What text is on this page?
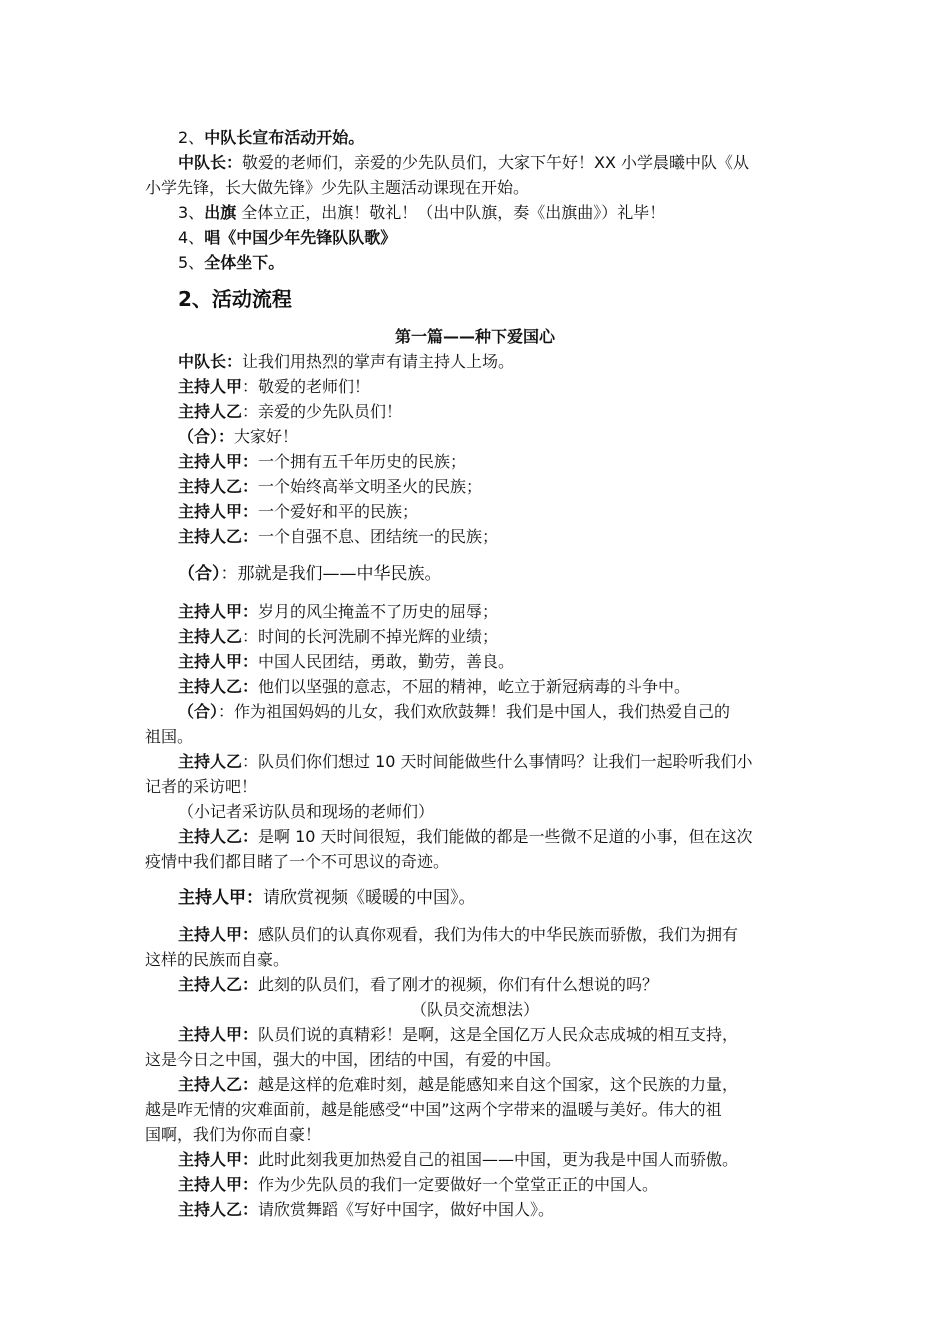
2、中队长宣布活动开始。
中队长：敬爱的老师们，亲爱的少先队员们，大家下午好！XX 小学晨曦中队《从
小学先锋，长大做先锋》少先队主题活动课现在开始。
3、出旗 全体立正，出旗！敬礼！（出中队旗，奏《出旗曲》）礼毕！
4、唱《中国少年先锋队队歌》
5、全体坐下。
2、活动流程
第一篇——种下爱国心
中队长：让我们用热烈的掌声有请主持人上场。
主持人甲：敬爱的老师们！
主持人乙：亲爱的少先队员们！
（合）：大家好！
主持人甲：一个拥有五千年历史的民族；
主持人乙：一个始终高举文明圣火的民族；
主持人甲：一个爱好和平的民族；
主持人乙：一个自强不息、团结统一的民族；
（合）：那就是我们——中华民族。
主持人甲：岁月的风尘掩盖不了历史的屈辱；
主持人乙：时间的长河洗刷不掉光辉的业绩；
主持人甲：中国人民团结，勇敢，勤劳，善良。
主持人乙：他们以坚强的意志，不屈的精神，屹立于新冠病毒的斗争中。
（合）：作为祖国妈妈的儿女，我们欢欣鼓舞！我们是中国人，我们热爱自己的
祖国。
主持人乙：队员们你们想过 10 天时间能做些什么事情吗？让我们一起聆听我们小
记者的采访吧！
（小记者采访队员和现场的老师们）
主持人乙：是啊 10 天时间很短，我们能做的都是一些微不足道的小事，但在这次
疫情中我们都目睹了一个不可思议的奇迹。
主持人甲：请欣赏视频《暖暖的中国》。
主持人甲：感队员们的认真你观看，我们为伟大的中华民族而骄傲，我们为拥有
这样的民族而自豪。
主持人乙：此刻的队员们，看了刚才的视频，你们有什么想说的吗？
（队员交流想法）
主持人甲：队员们说的真精彩！是啊，这是全国亿万人民众志成城的相互支持，
这是今日之中国，强大的中国，团结的中国，有爱的中国。
主持人乙：越是这样的危难时刻，越是能感知来自这个国家，这个民族的力量，
越是咋无情的灾难面前，越是能感受“中国”这两个字带来的温暖与美好。伟大的祖
国啊，我们为你而自豪！
主持人甲：此时此刻我更加热爱自己的祖国——中国，更为我是中国人而骄傲。
主持人甲：作为少先队员的我们一定要做好一个堂堂正正的中国人。
主持人乙：请欣赏舞蹈《写好中国字，做好中国人》。
